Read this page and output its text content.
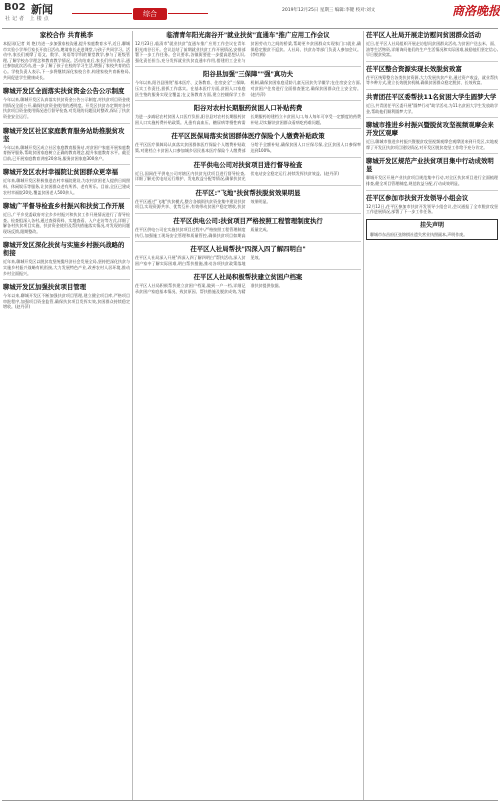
B02 新闻
社记者 上楼点
综合	2019年12月25日 星期三 编辑:李键 校对:刘文	商洛晚报
家校合作 共育桃李
本报讯(记者 刘 艳)为进一步加强家校沟通,提升家庭教育水平,近日,聊城市实验小学举行家长开放日活动,邀请家长走进课堂,与孩子共同学习。活动中,家长们观摩了语文、数学、英语等学科的课堂教学,参与了班级管理,了解学校办学理念和教育教学情况。活动结束后,家长们纷纷表示,通过参加此次活动,进一步了解了孩子在校的学习生活,增强了家校共育的信心。学校负责人表示,下一步将继续深化家校合作,构建家校共育新格局,共同促进学生健康成长。
聊城开发区全面落实扶贫资金公告公示制度
今年以来,聊城开发区认真落实扶贫资金公告公示制度,对扶贫项目资金使用情况全面公开,确保扶贫资金使用的透明度。开发区扶贫办定期对各村扶贫项目资金使用情况进行督导检查,对发现的问题及时整改,保证了扶贫资金安全运行。
聊城开发区社区家庭教育服务站助推脱贫攻坚
今年以来,聊城开发区成立社区家庭教育服务站,对贫困户家庭开展家庭教育指导服务,帮助贫困家庭树立正确的教育理念,提升家庭教育水平。截至目前,已开展家庭教育讲座20余场,服务贫困家庭300余户。
聊城开发区农村幸福院让贫困群众更幸福
近年来,聊城开发区积极推进农村幸福院建设,为农村贫困老人提供日间照料、休闲娱乐等服务,让贫困群众老有所养、老有所乐。目前,全区已建成农村幸福院20处,覆盖贫困老人500余人。
聊城广平督导检查乡村振兴和扶贫工作开展
近日,广平乡党委政府对全乡乡村振兴和扶贫工作开展情况进行了督导检查。检查组深入各村,通过查阅资料、实地查看、入户走访等方式,详细了解各村扶贫项目实施、扶贫资金使用及帮扶措施落实情况,对发现的问题现场反馈,限期整改。
聊城开发区深化扶贫与实施乡村振兴战略的衔接
近年来,聊城开发区以脱贫攻坚统揽经济社会发展全局,坚持把深化扶贫与实施乡村振兴战略有机衔接,大力发展特色产业,改善农村人居环境,推动乡村全面振兴。
聊城开发区加强扶贫项目管理
今年以来,聊城开发区不断加强扶贫项目管理,建立健全项目库,严格项目审批程序,加强项目资金监管,确保扶贫项目发挥实效,贫困群众持续稳定增收。(赵丹萍)
临清青年阳光南谷开"就业扶贫"直通车"推广应用工作会议
12月23日,临清市"就业扶贫"直通车推广应用工作会议在青年阳光南谷召开。会议总结了前期就业扶贫工作开展情况,安排部署下一步工作任务。会议要求,各镇街要进一步提高思想认识,强化责任担当,充分发挥就业扶贫直通车作用,搭建用工企业与贫困劳动力之间的桥梁,帮助更多贫困群众实现家门口就业,确保稳定脱贫不返贫。人社局、扶贫办等部门负责人参加会议。(李红梅)
阳谷县加强"三保障""强"真功夫
今年以来,阳谷县围绕"基本医疗、义务教育、住房安全"三保障,压实工作责任,狠抓工作落实。在基本医疗方面,贫困人口家庭医生签约服务实现全覆盖;在义务教育方面,建立控辍保学工作机制,确保贫困家庭适龄儿童无因贫失学辍学;在住房安全方面,对贫困户住房进行全面排查鉴定,确保贫困群众住上安全房。(赵丹萍)
阳谷对农村长期服药贫困人口补贴药费
为进一步减轻农村贫困人口医疗负担,阳谷县对农村长期服药贫困人口实施药费补贴政策。凡患有高血压、糖尿病等慢性病需长期服药的建档立卡贫困人口,每人每年可享受一定额度的药费补贴,切实解决贫困群众看病吃药难问题。
茌平区医保局落实贫困群体医疗保险个人缴费补贴政策
茌平区医疗保障局认真落实贫困群体医疗保险个人缴费补贴政策,对建档立卡贫困人口参加城乡居民基本医疗保险个人缴费部分给予全额补贴,确保贫困人口应保尽保,全区贫困人口参保率达到100%。
茌平供电公司对扶贫项目进行督导检查
近日,国网茌平供电公司对辖区内扶贫光伏项目进行督导检查,详细了解光伏电站运行维护、发电收益分配等情况,确保扶贫光伏电站安全稳定运行,持续发挥扶贫效益。(赵丹萍)
茌平区:"飞地"扶贫帮扶脱贫效果明显
茌平区通过"飞地"扶贫模式,整合各镇街扶贫资金集中建设扶贫项目,实现资源共享、优势互补,有效带动贫困户稳定增收,扶贫效果明显。
茌平区供电公司:扶贫项目严格按照工程管理制度执行
茌平区供电公司在实施扶贫项目过程中,严格按照工程管理制度执行,加强施工现场安全管理和质量管控,确保扶贫项目如期高质量完成。
茌平区人社局帮扶"四深入四了解四明白"
茌平区人社局深入开展"四深入四了解四明白"帮扶活动,深入贫困户家中了解实际困难,明白帮扶措施,推动各项扶贫政策落地见效。
茌平区人社局积极帮扶建立贫困户档案
茌平区人社局积极帮扶建立贫困户档案,做到一户一档,详细记录贫困户家庭基本情况、致贫原因、帮扶措施及脱贫成效,为精准扶贫提供依据。
茌平区人社局开展走访慰问贫困群众活动
近日,茌平区人社局组织开展走访慰问贫困群众活动,为贫困户送去米、面、油等生活物资,详细询问他们的生产生活情况和实际困难,鼓励他们坚定信心,早日脱贫致富。
茌平区整合资源实现长效脱贫致富
茌平区统筹整合各类扶贫资源,大力发展扶贫产业,通过资产收益、就业帮扶等多种方式,建立长效脱贫机制,确保贫困群众稳定脱贫、长效致富。
共青团茌平区委帮扶11名贫困大学生圆梦大学
近日,共青团茌平区委开展"圆梦行动"助学活动,为11名贫困大学生发放助学金,帮助他们顺利圆梦大学。
聊城市推进乡村振兴暨脱贫攻坚视频观摩会来开发区观摩
近日,聊城市推进乡村振兴暨脱贫攻坚视频观摩会观摩团来到开发区,实地观摩了开发区扶贫项目建设情况,对开发区脱贫攻坚工作给予充分肯定。
聊城开发区规范产业扶贫项目集中行动成效明显
聊城开发区开展产业扶贫项目规范集中行动,对全区扶贫项目进行全面梳理排查,健全项目管理制度,规范收益分配,行动成效明显。
茌平区参加市扶贫开发领导小组会议
12月12日,茌平区参加市扶贫开发领导小组会议,会议通报了全市脱贫攻坚工作进展情况,部署了下一步工作任务。
挂失声明
聊城市东昌府区弦锦棋社遗失营业执照副本,声明作废。
